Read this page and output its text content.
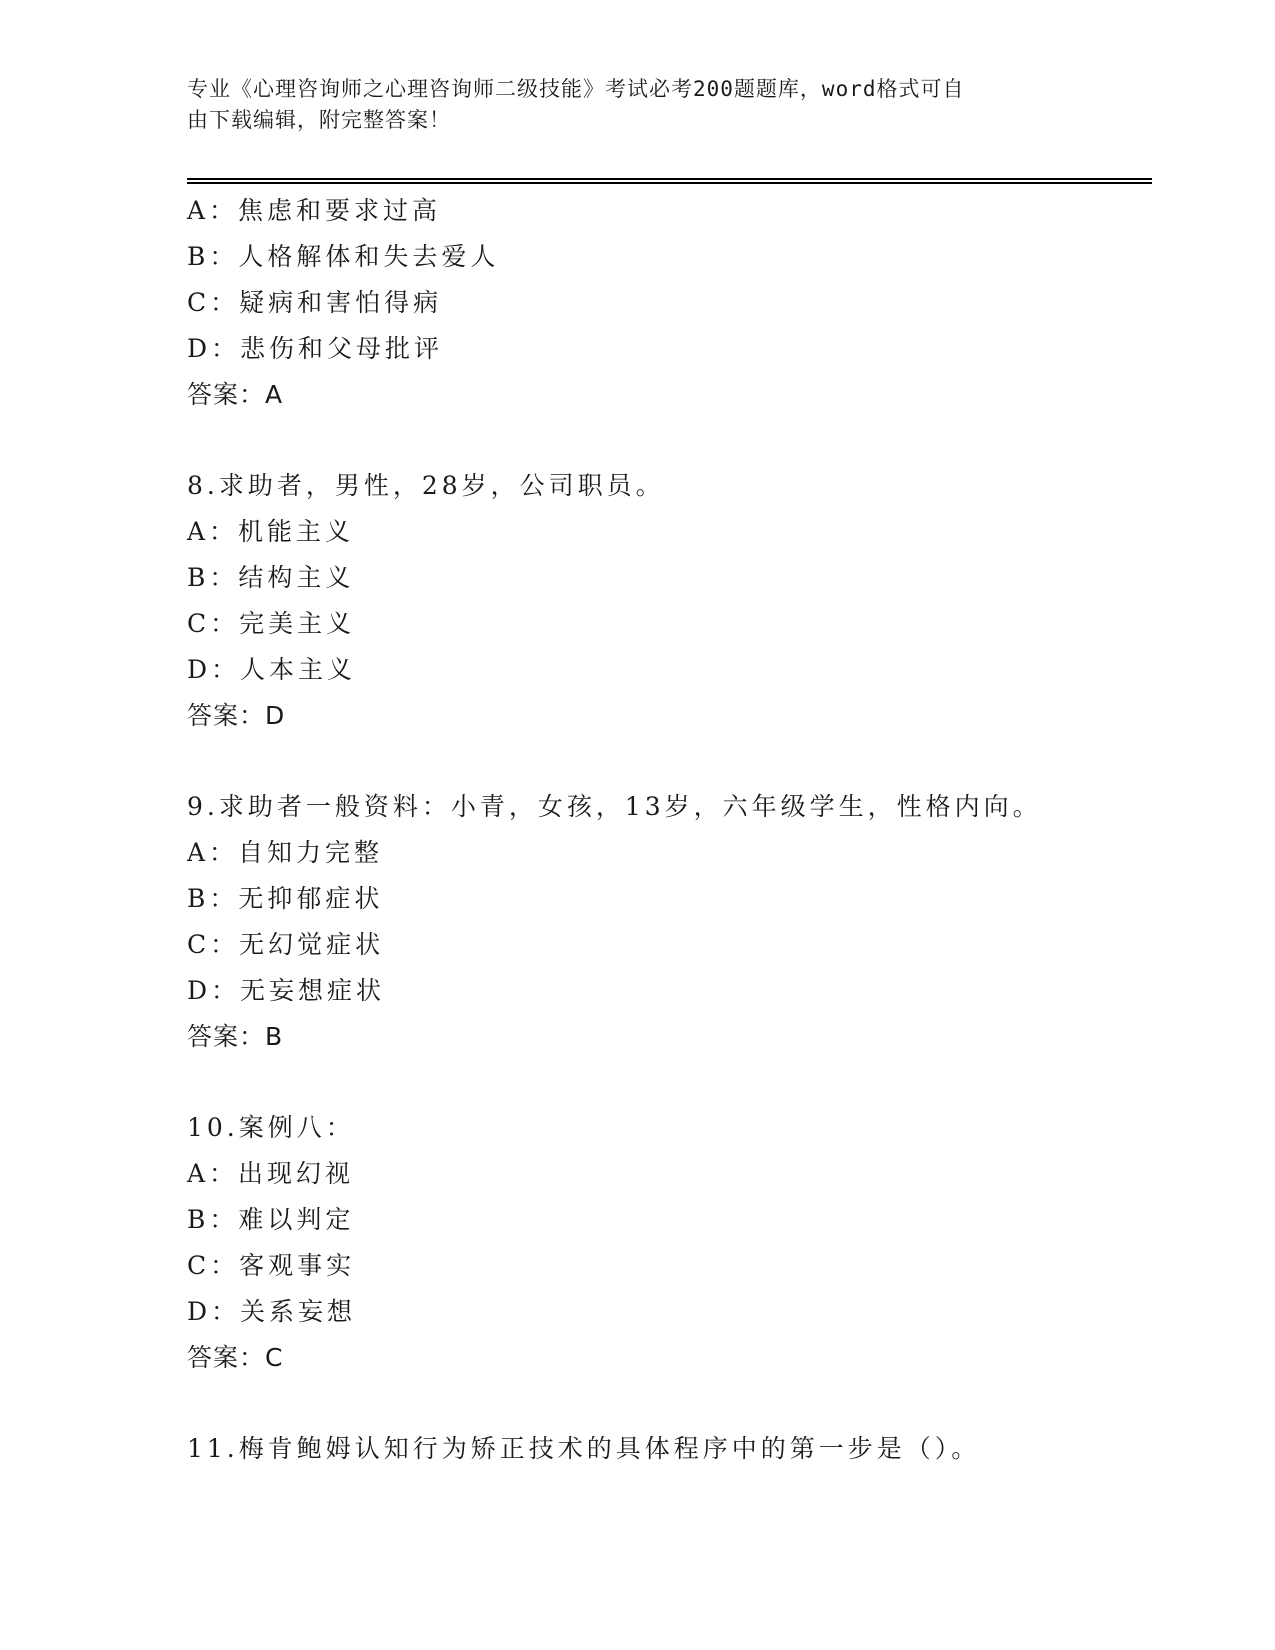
专业《心理咨询师之心理咨询师二级技能》考试必考200题题库，word格式可自
由下载编辑，附完整答案！
A：焦虑和要求过高
B：人格解体和失去爱人
C：疑病和害怕得病
D：悲伤和父母批评
答案：A
8.求助者，男性，28岁，公司职员。
A：机能主义
B：结构主义
C：完美主义
D：人本主义
答案：D
9.求助者一般资料：小青，女孩，13岁，六年级学生，性格内向。
A：自知力完整
B：无抑郁症状
C：无幻觉症状
D：无妄想症状
答案：B
10.案例八：
A：出现幻视
B：难以判定
C：客观事实
D：关系妄想
答案：C
11.梅肯鲍姆认知行为矫正技术的具体程序中的第一步是（）。
